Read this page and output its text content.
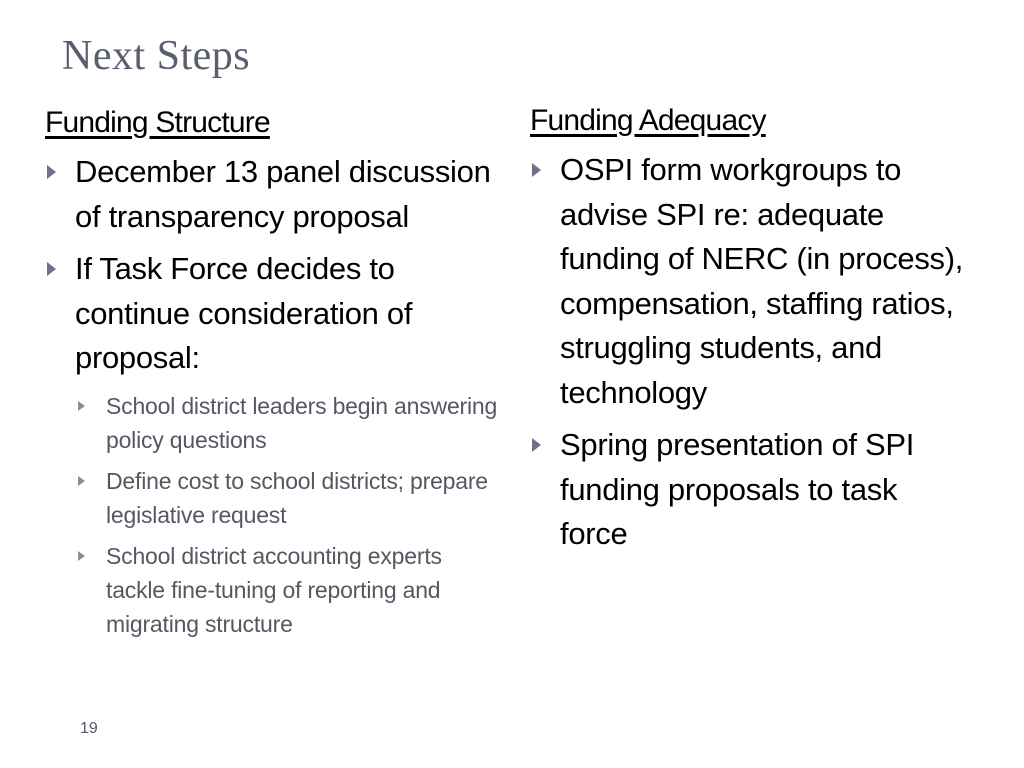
Next Steps
Funding Structure
December 13 panel discussion of transparency proposal
If Task Force decides to continue consideration of proposal:
School district leaders begin answering policy questions
Define cost to school districts; prepare legislative request
School district accounting experts tackle fine-tuning of reporting and migrating structure
Funding Adequacy
OSPI form workgroups to advise SPI re: adequate funding of NERC (in process), compensation, staffing ratios, struggling students, and technology
Spring presentation of SPI funding proposals to task force
19
